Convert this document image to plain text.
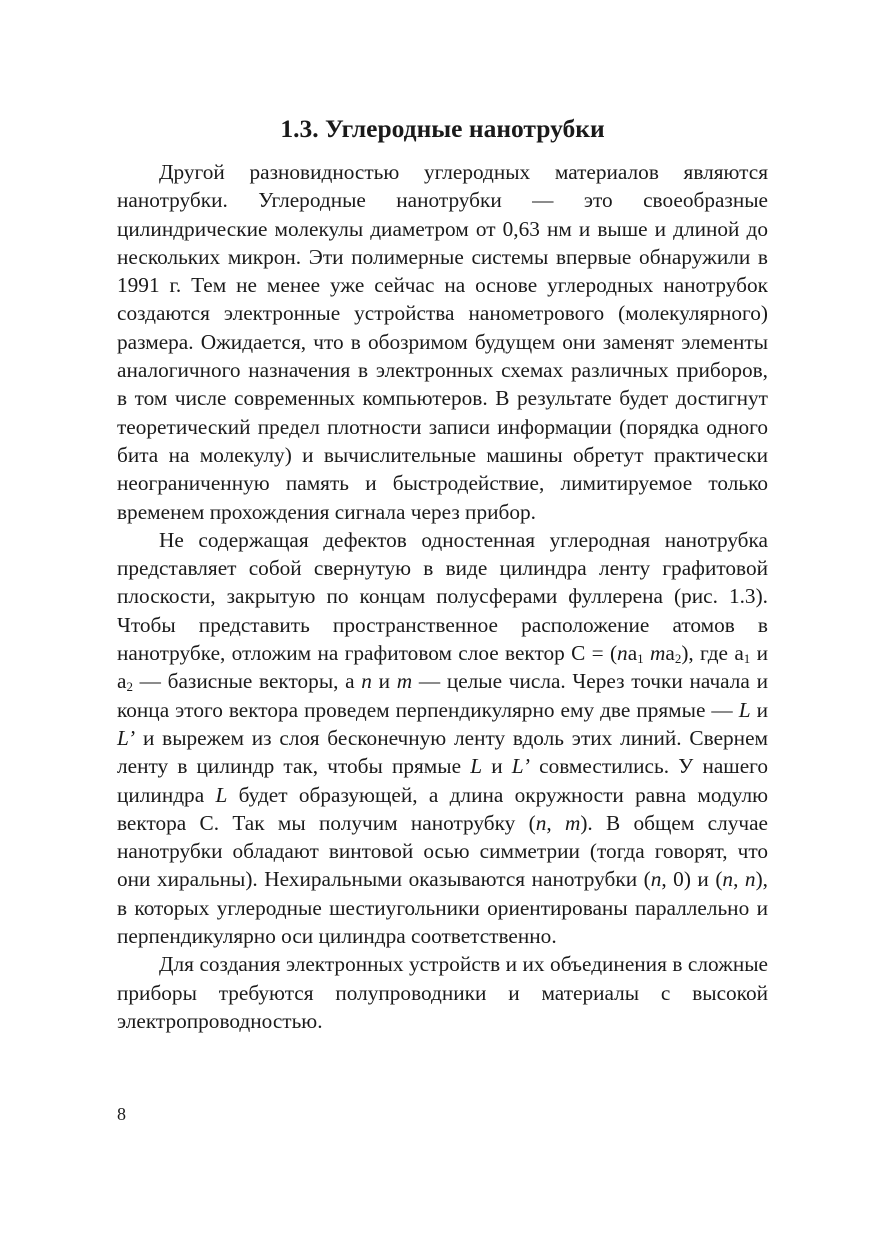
1.3. Углеродные нанотрубки

Другой разновидностью углеродных материалов являются нанотрубки. Углеродные нанотрубки — это своеобразные цилиндрические молекулы диаметром от 0,63 нм и выше и длиной до нескольких микрон. Эти полимерные системы впервые обнаружили в 1991 г. Тем не менее уже сейчас на основе углеродных нанотрубок создаются электронные устройства нанометрового (молекулярного) размера. Ожидается, что в обозримом будущем они заменят элементы аналогичного назначения в электронных схемах различных приборов, в том числе современных компьютеров. В результате будет достигнут теоретический предел плотности записи информации (порядка одного бита на молекулу) и вычислительные машины обретут практически неограниченную память и быстродействие, лимитируемое только временем прохождения сигнала через прибор.

Не содержащая дефектов одностенная углеродная нанотрубка представляет собой свернутую в виде цилиндра ленту графитовой плоскости, закрытую по концам полусферами фуллерена (рис. 1.3). Чтобы представить пространственное расположение атомов в нанотрубке, отложим на графитовом слое вектор $С = (na_1$ $ma_2$), где $a_1$ и $a_2$ — базисные векторы, а n и m — целые числа. Через точки начала и конца этого вектора проведем перпендикулярно ему две прямые — L и L’ и вырежем из слоя бесконечную ленту вдоль этих линий. Свернем ленту в цилиндр так, чтобы прямые L и L’ совместились. У нашего цилиндра L будет образующей, а длина окружности равна модулю вектора С. Так мы получим нанотрубку (n, m). В общем случае нанотрубки обладают винтовой осью симметрии (тогда говорят, что они хиральны). Нехиральными оказываются нанотрубки (n, 0) и (n, n), в которых углеродные шестиугольники ориентированы параллельно и перпендикулярно оси цилиндра соответственно.

Для создания электронных устройств и их объединения в сложные приборы требуются полупроводники и материалы с высокой электропроводностью.

8
